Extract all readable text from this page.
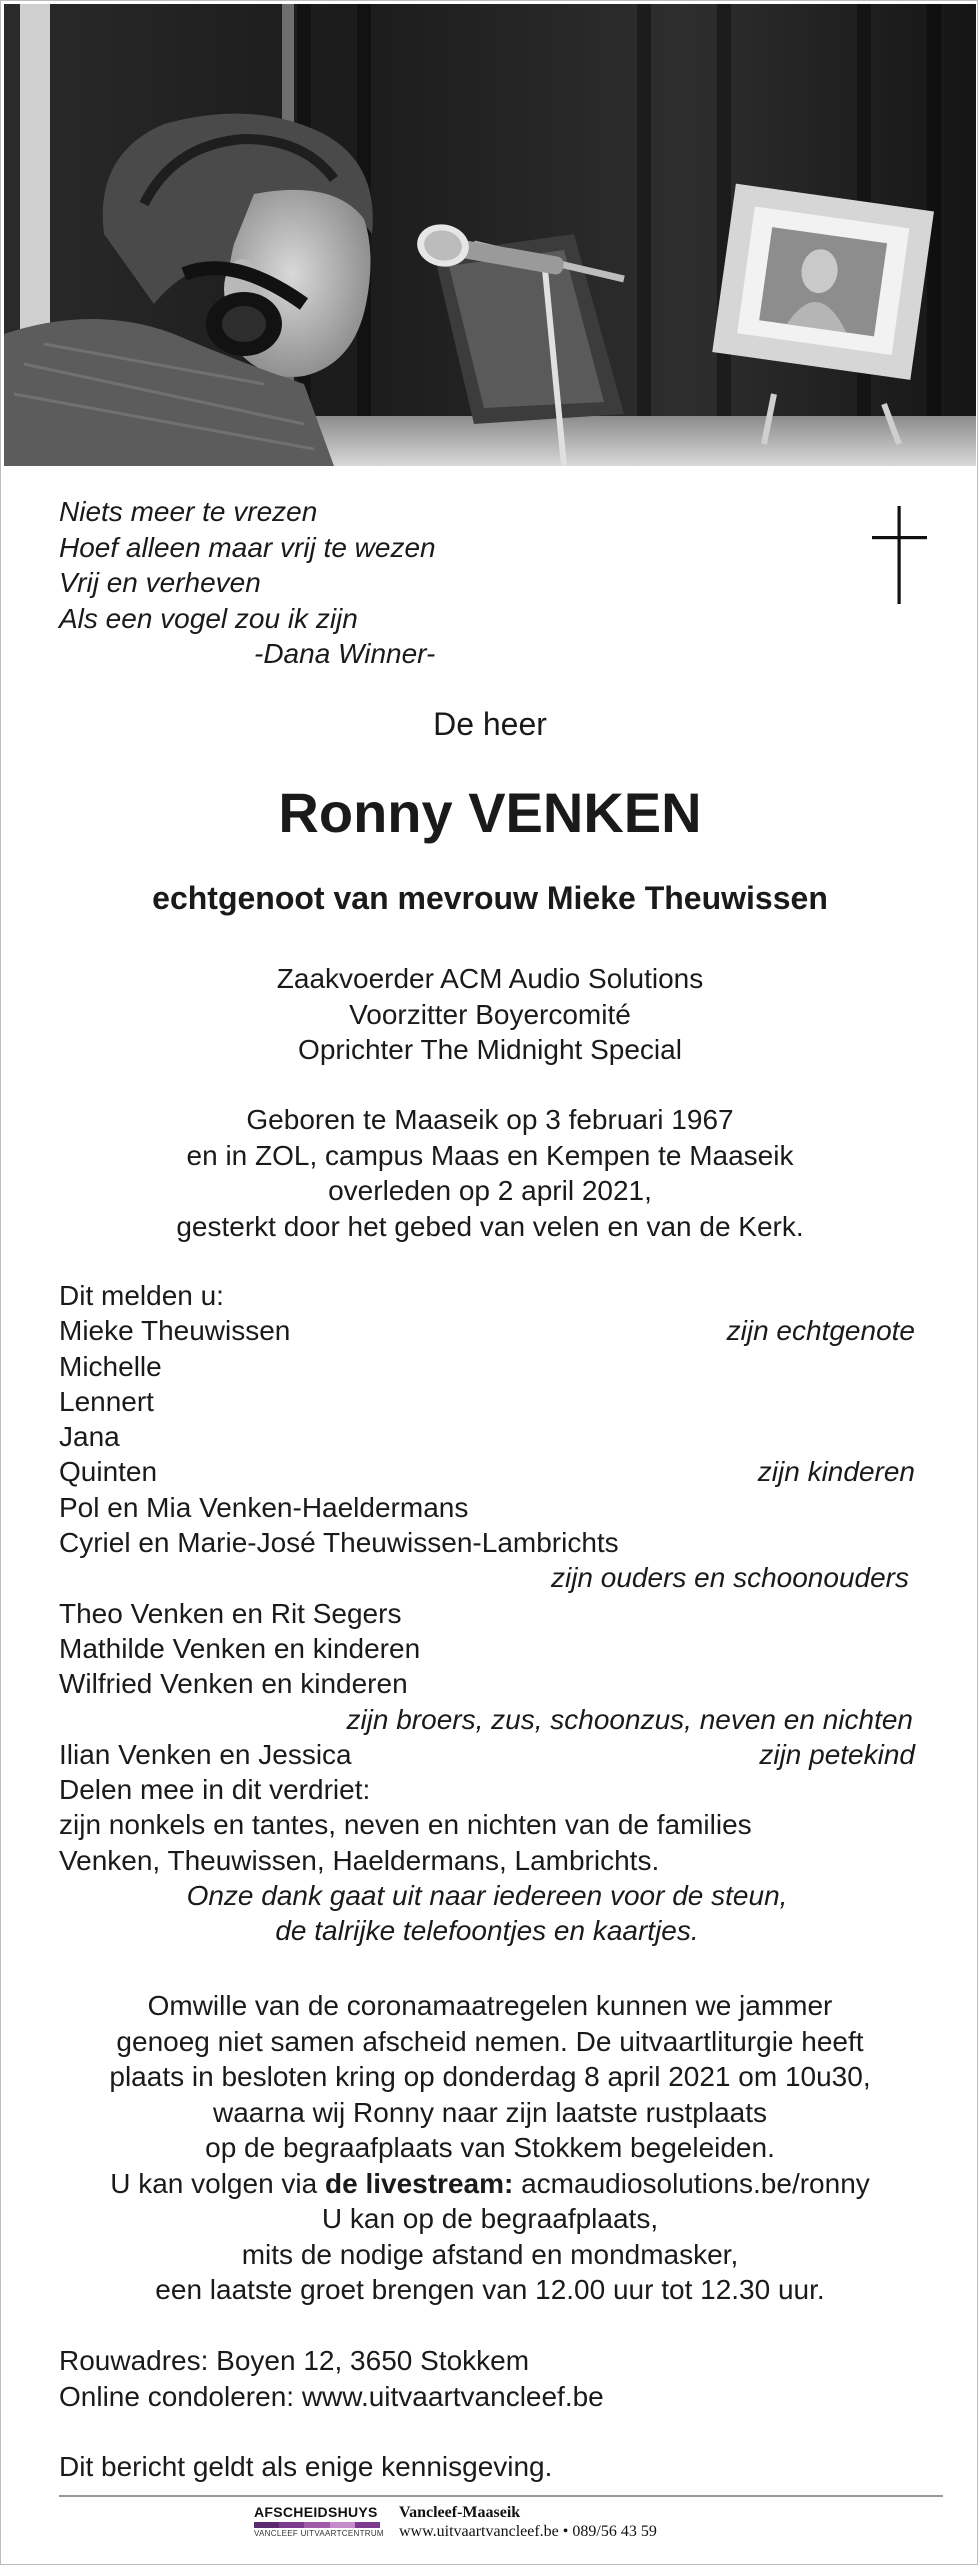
Niets meer te vrezen
Hoef alleen maar vrij te wezen
Vrij en verheven
Als een vogel zou ik zijn
-Dana Winner-
De heer
Ronny VENKEN
echtgenoot van mevrouw Mieke Theuwissen
Zaakvoerder ACM Audio Solutions
Voorzitter Boyercomité
Oprichter The Midnight Special
Geboren te Maaseik op 3 februari 1967
en in ZOL, campus Maas en Kempen te Maaseik
overleden op 2 april 2021,
gesterkt door het gebed van velen en van de Kerk.
Dit melden u:
Mieke Theuwissen	zijn echtgenote
Michelle
Lennert
Jana
Quinten	zijn kinderen
Pol en Mia Venken-Haeldermans
Cyriel en Marie-José Theuwissen-Lambrichts
zijn ouders en schoonouders
Theo Venken en Rit Segers
Mathilde Venken en kinderen
Wilfried Venken en kinderen
zijn broers, zus, schoonzus, neven en nichten
Ilian Venken en Jessica	zijn petekind
Delen mee in dit verdriet:
zijn nonkels en tantes, neven en nichten van de families
Venken, Theuwissen, Haeldermans, Lambrichts.
Onze dank gaat uit naar iedereen voor de steun,
de talrijke telefoontjes en kaartjes.
Omwille van de coronamaatregelen kunnen we jammer
genoeg niet samen afscheid nemen. De uitvaartliturgie heeft
plaats in besloten kring op donderdag 8 april 2021 om 10u30,
waarna wij Ronny naar zijn laatste rustplaats
op de begraafplaats van Stokkem begeleiden.
U kan volgen via de livestream: acmaudiosolutions.be/ronny
U kan op de begraafplaats,
mits de nodige afstand en mondmasker,
een laatste groet brengen van 12.00 uur tot 12.30 uur.
Rouwadres: Boyen 12, 3650 Stokkem
Online condoleren: www.uitvaartvancleef.be
Dit bericht geldt als enige kennisgeving.
AFSCHEIDSHUYS
VANCLEEF UITVAARTCENTRUM
Vancleef-Maaseik
www.uitvaartvancleef.be • 089/56 43 59
